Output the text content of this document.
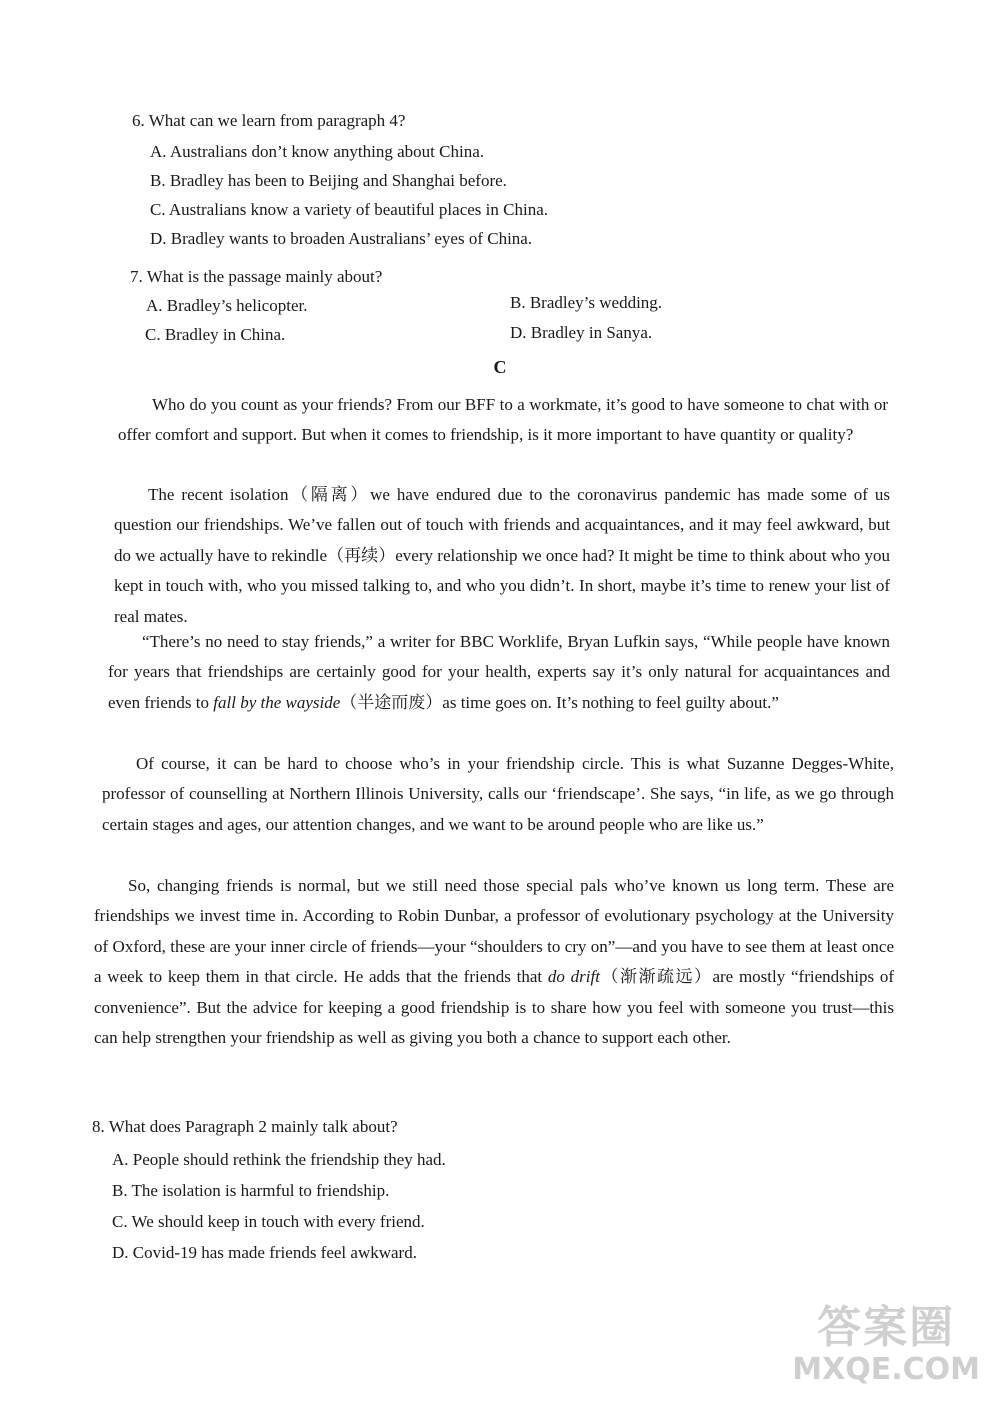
6. What can we learn from paragraph 4?
A. Australians don’t know anything about China.
B. Bradley has been to Beijing and Shanghai before.
C. Australians know a variety of beautiful places in China.
D. Bradley wants to broaden Australians’ eyes of China.
7. What is the passage mainly about?
A. Bradley’s helicopter.	B. Bradley’s wedding.
C. Bradley in China.	D. Bradley in Sanya.
C
Who do you count as your friends? From our BFF to a workmate, it’s good to have someone to chat with or offer comfort and support. But when it comes to friendship, is it more important to have quantity or quality?
The recent isolation（隔离）we have endured due to the coronavirus pandemic has made some of us question our friendships. We’ve fallen out of touch with friends and acquaintances, and it may feel awkward, but do we actually have to rekindle（再续）every relationship we once had? It might be time to think about who you kept in touch with, who you missed talking to, and who you didn’t. In short, maybe it’s time to renew your list of real mates.
“There’s no need to stay friends,” a writer for BBC Worklife, Bryan Lufkin says, “While people have known for years that friendships are certainly good for your health, experts say it’s only natural for acquaintances and even friends to fall by the wayside（半途而废）as time goes on. It’s nothing to feel guilty about.”
Of course, it can be hard to choose who’s in your friendship circle. This is what Suzanne Degges-White, professor of counselling at Northern Illinois University, calls our ‘friendscape’. She says, “in life, as we go through certain stages and ages, our attention changes, and we want to be around people who are like us.”
So, changing friends is normal, but we still need those special pals who’ve known us long term. These are friendships we invest time in. According to Robin Dunbar, a professor of evolutionary psychology at the University of Oxford, these are your inner circle of friends—your “shoulders to cry on”—and you have to see them at least once a week to keep them in that circle. He adds that the friends that do drift（渐渐疏远）are mostly “friendships of convenience”. But the advice for keeping a good friendship is to share how you feel with someone you trust—this can help strengthen your friendship as well as giving you both a chance to support each other.
8. What does Paragraph 2 mainly talk about?
A. People should rethink the friendship they had.
B. The isolation is harmful to friendship.
C. We should keep in touch with every friend.
D. Covid-19 has made friends feel awkward.
答案圈
MXQE.COM
